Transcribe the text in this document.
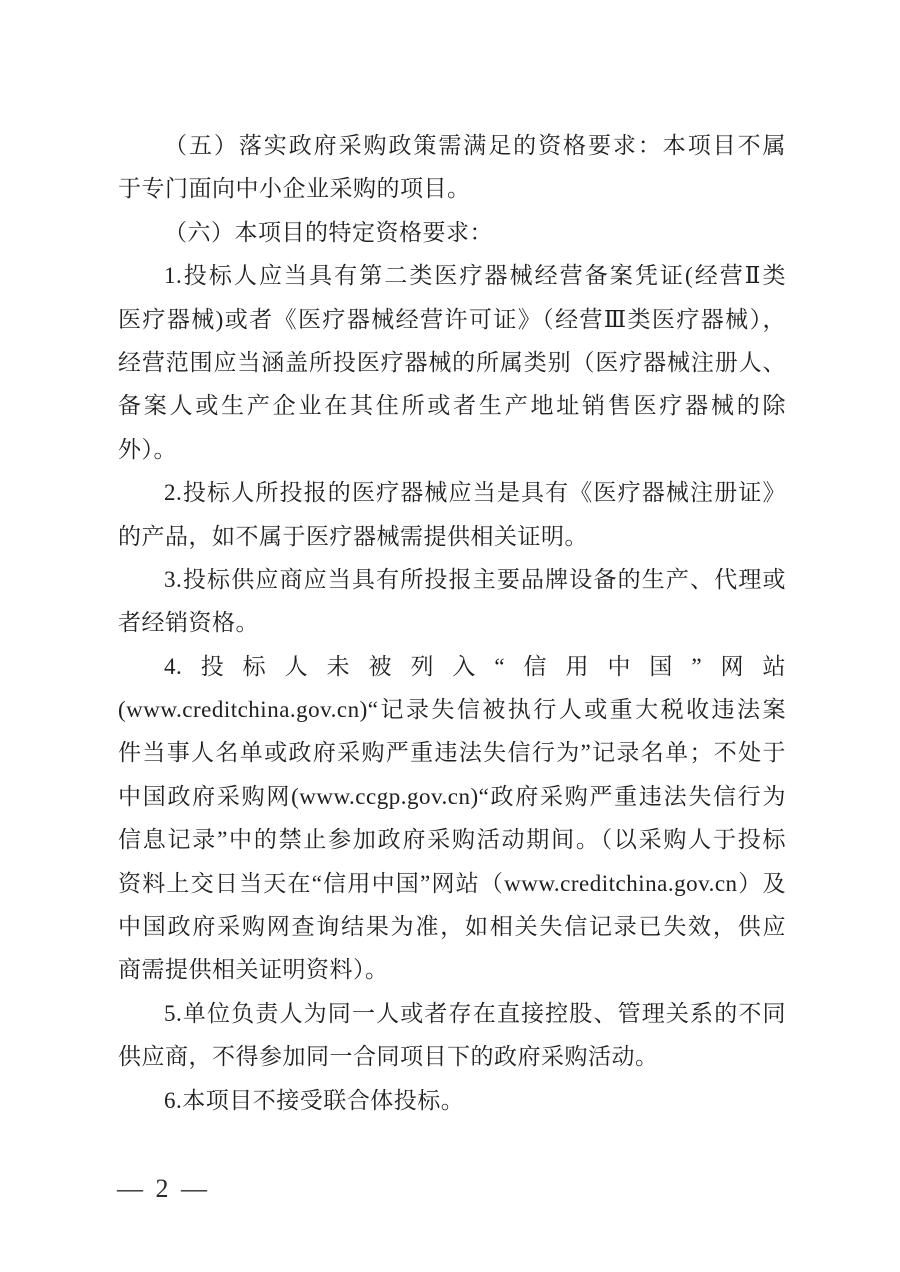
（五）落实政府采购政策需满足的资格要求：本项目不属
于专门面向中小企业采购的项目。
（六）本项目的特定资格要求：
1.投标人应当具有第二类医疗器械经营备案凭证(经营Ⅱ类
医疗器械)或者《医疗器械经营许可证》（经营Ⅲ类医疗器械），
经营范围应当涵盖所投医疗器械的所属类别（医疗器械注册人、
备案人或生产企业在其住所或者生产地址销售医疗器械的除
外）。
2.投标人所投报的医疗器械应当是具有《医疗器械注册证》
的产品，如不属于医疗器械需提供相关证明。
3.投标供应商应当具有所投报主要品牌设备的生产、代理或
者经销资格。
4.投标人未被列入“信用中国”网站
(www.creditchina.gov.cn)“记录失信被执行人或重大税收违法案
件当事人名单或政府采购严重违法失信行为”记录名单；不处于
中国政府采购网(www.ccgp.gov.cn)“政府采购严重违法失信行为
信息记录”中的禁止参加政府采购活动期间。（以采购人于投标
资料上交日当天在“信用中国”网站（www.creditchina.gov.cn）及
中国政府采购网查询结果为准，如相关失信记录已失效，供应
商需提供相关证明资料）。
5.单位负责人为同一人或者存在直接控股、管理关系的不同
供应商，不得参加同一合同项目下的政府采购活动。
6.本项目不接受联合体投标。
— 2 —
